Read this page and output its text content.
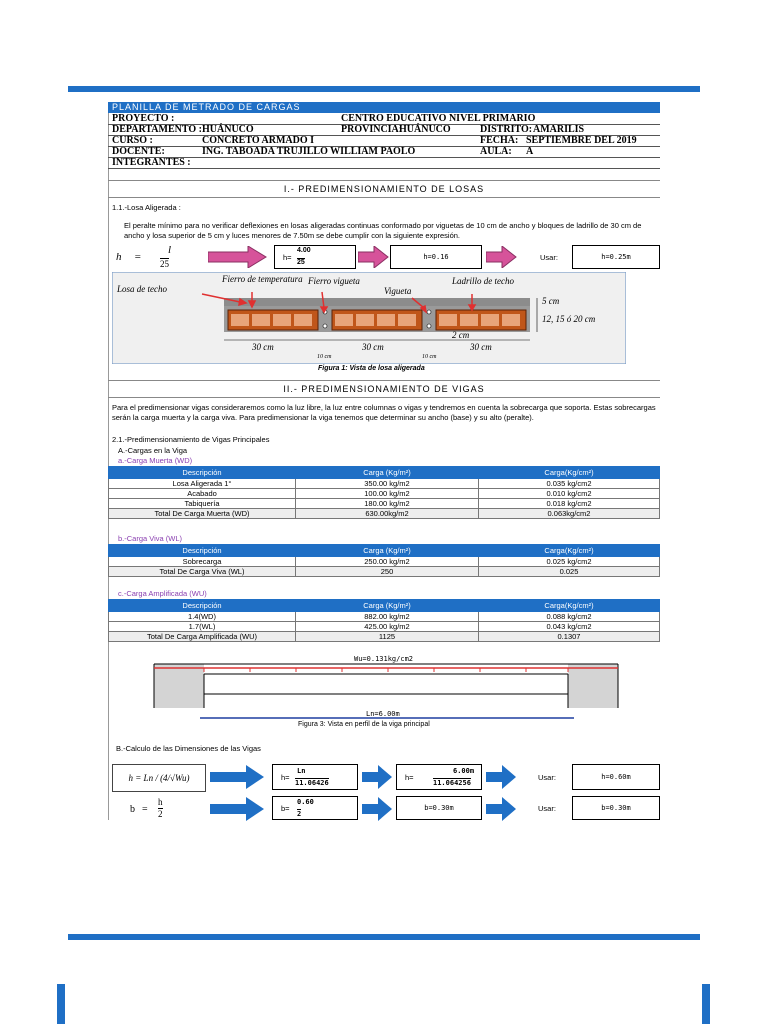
PLANILLA DE METRADO DE CARGAS
PROYECTO :	CENTRO EDUCATIVO NIVEL PRIMARIO
DEPARTAMENTO : HUÁNUCO	PROVINCIA:
HUÁNUCO	DISTRITO: AMARILIS
CURSO :	CONCRETO ARMADO I	FECHA: SEPTIEMBRE DEL 2019
DOCENTE:	ING. TABOADA TRUJILLO WILLIAM PAOLO	AULA: A
INTEGRANTES :
I.- PREDIMENSIONAMIENTO DE LOSAS
1.1.-Losa Aligerada :
El peralte mínimo para no verificar deflexiones en losas aligeradas continuas conformado por viguetas de 10 cm de ancho y bloques de ladrillo de 30 cm de ancho y losa superior de 5 cm y luces menores de 7.50m se debe cumplir con la siguiente expresión.
h =
l
25
h=
4.00
25
h=0.16	Usar:	h=0.25m
Losa de techo
Fierro de temperatura Fierro vigueta
Vigueta
Ladrillo de techo
5 cm
12, 15 ó 20 cm
2 cm
30 cm	30 cm	30 cm
10 cm	10 cm
Figura 1: Vista de losa aligerada
II.- PREDIMENSIONAMIENTO DE VIGAS
Para el predimensionar vigas consideraremos como la luz libre, la luz entre columnas o vigas y tendremos en cuenta la sobrecarga que soporta. Estas sobrecargas serán la carga muerta y la carga viva. Para predimensionar la viga tenemos que determinar su ancho (base) y su alto (peralte).
2.1.-Predimensionamiento de Vigas Principales
A.-Cargas en la Viga
a.-Carga Muerta (WD)
Descripción	Carga (Kg/m²)	Carga(Kg/cm²)
Losa Aligerada 1°	350.00 kg/m2	0.035 kg/cm2
Acabado	100.00 kg/m2	0.010 kg/cm2
Tabiquería	180.00 kg/m2	0.018 kg/cm2
Total De Carga Muerta (WD)	630.00kg/m2	0.063kg/cm2
b.-Carga Viva (WL)
Descripción	Carga (Kg/m²)	Carga(Kg/cm²)
Sobrecarga	250.00 kg/m2	0.025 kg/cm2
Total De Carga Viva (WL)	250	0.025
c.-Carga Amplificada (WU)
Descripción	Carga (Kg/m²)	Carga(Kg/cm²)
1.4(WD)	882.00 kg/m2	0.088 kg/cm2
1.7(WL)	425.00 kg/m2	0.043 kg/cm2
Total De Carga Amplificada (WU)	1125	0.1307
Wu=0.131kg/cm2
Ln=6.00m
Figura 3: Vista en perfil de la viga principal
B.-Calculo de las Dimensiones de las Vigas
h = Ln / (4/√Wu)	h=
Ln
11.06426
h=
6.00m
11.064256
Usar:	h=0.60m
b =
h
2
b=
0.60
2
b=0.30m	Usar:	b=0.30m
